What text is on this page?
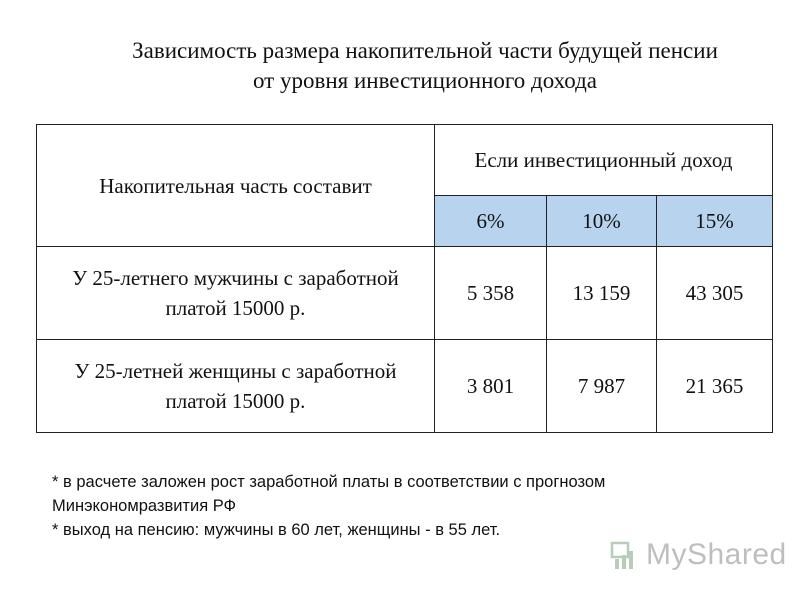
Зависимость размера накопительной части будущей пенсии
от уровня инвестиционного дохода
Накопительная часть составит	Если инвестиционный доход		
	6%	10%	15%
У 25-летнего мужчины с заработной платой 15000 р.	5 358	13 159	43 305
У 25-летней женщины с заработной платой 15000 р.	3 801	7 987	21 365
* в расчете заложен рост заработной платы в соответствии с прогнозом
Минэкономразвития РФ
* выход на пенсию: мужчины в 60 лет, женщины - в 55 лет.
MyShared
